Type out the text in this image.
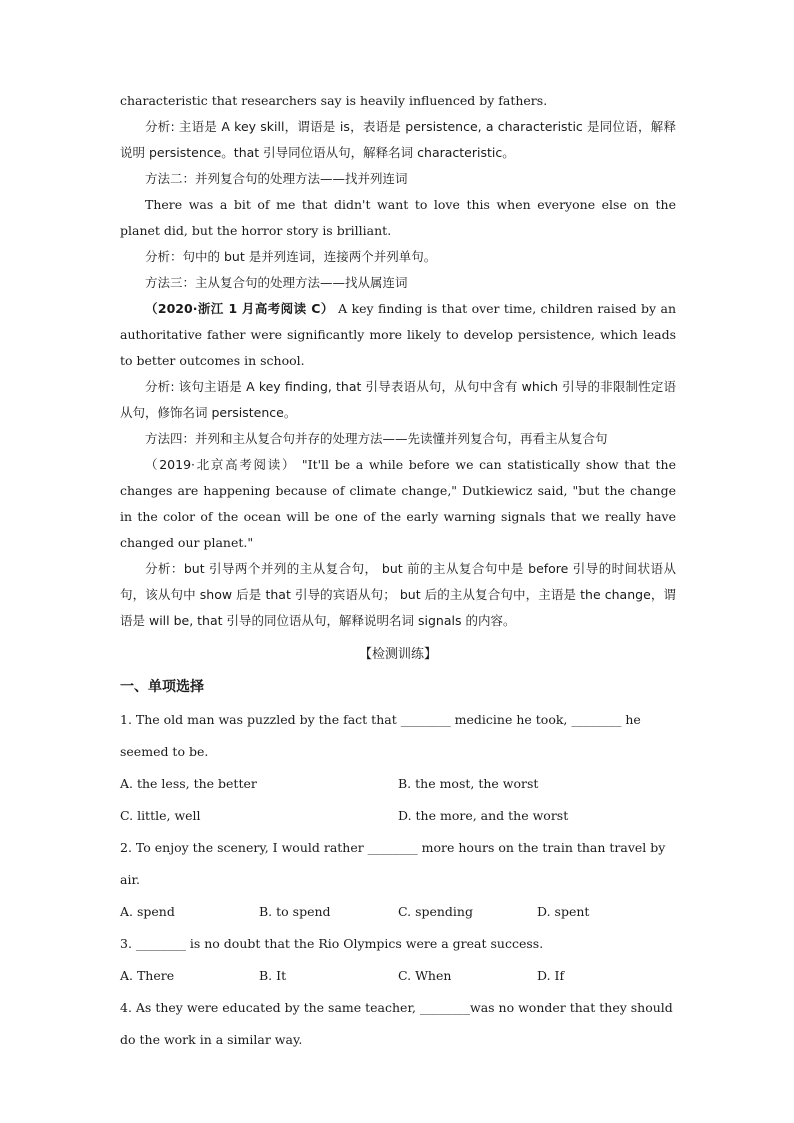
characteristic that researchers say is heavily influenced by fathers.

分析: 主语是 A key skill，谓语是 is，表语是 persistence, a characteristic 是同位语，解释说明 persistence。that 引导同位语从句，解释名词 characteristic。

方法二：并列复合句的处理方法——找并列连词

There was a bit of me that didn't want to love this when everyone else on the planet did, but the horror story is brilliant.

分析：句中的 but 是并列连词，连接两个并列单句。

方法三：主从复合句的处理方法——找从属连词

（2020·浙江 1 月高考阅读 C） A key finding is that over time, children raised by an authoritative father were significantly more likely to develop persistence, which leads to better outcomes in school.

分析: 该句主语是 A key finding, that 引导表语从句，从句中含有 which 引导的非限制性定语从句，修饰名词 persistence。

方法四：并列和主从复合句并存的处理方法——先读懂并列复合句，再看主从复合句

（2019·北京高考阅读） "It'll be a while before we can statistically show that the changes are happening because of climate change," Dutkiewicz said, "but the change in the color of the ocean will be one of the early warning signals that we really have changed our planet."

分析：but 引导两个并列的主从复合句， but 前的主从复合句中是 before 引导的时间状语从句，该从句中 show 后是 that 引导的宾语从句； but 后的主从复合句中，主语是 the change，谓语是 will be, that 引导的同位语从句，解释说明名词 signals 的内容。

【检测训练】
一、单项选择

1. The old man was puzzled by the fact that ________ medicine he took, ________ he seemed to be.

A. the less, the better	B. the most, the worst
C. little, well	D. the more, and the worst

2. To enjoy the scenery, I would rather ________ more hours on the train than travel by air.

A. spend	B. to spend	C. spending	D. spent

3. ________ is no doubt that the Rio Olympics were a great success.

A. There	B. It	C. When	D. If

4. As they were educated by the same teacher, ________was no wonder that they should do the work in a similar way.
